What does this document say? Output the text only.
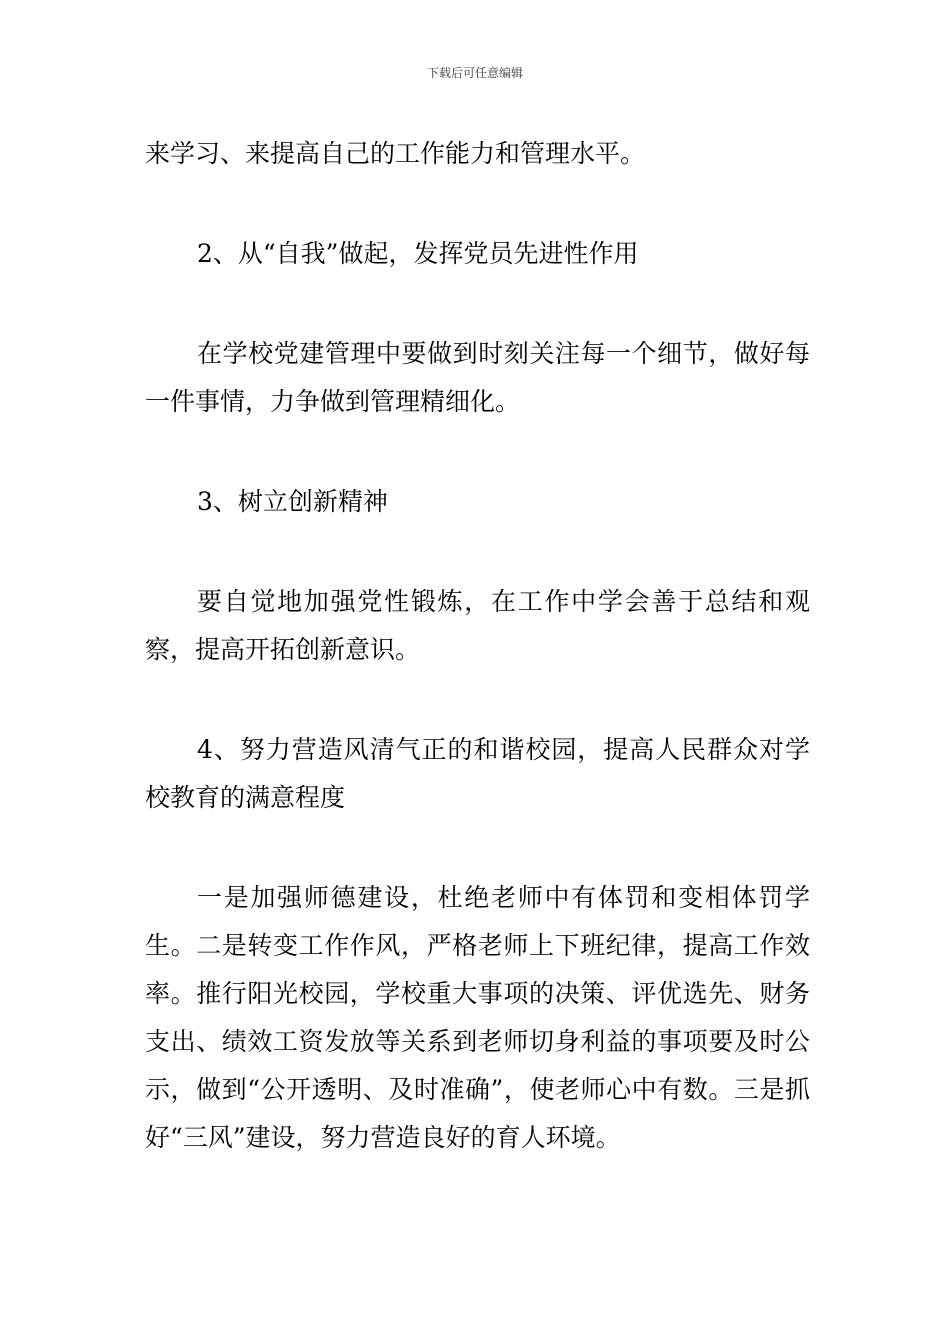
下载后可任意编辑

来学习、来提高自己的工作能力和管理水平。

2、从“自我”做起，发挥党员先进性作用

在学校党建管理中要做到时刻关注每一个细节，做好每一件事情，力争做到管理精细化。

3、树立创新精神

要自觉地加强党性锻炼，在工作中学会善于总结和观察，提高开拓创新意识。

4、努力营造风清气正的和谐校园，提高人民群众对学校教育的满意程度

一是加强师德建设，杜绝老师中有体罚和变相体罚学生。二是转变工作作风，严格老师上下班纪律，提高工作效率。推行阳光校园，学校重大事项的决策、评优选先、财务支出、绩效工资发放等关系到老师切身利益的事项要及时公示，做到“公开透明、及时准确”，使老师心中有数。三是抓好“三风”建设，努力营造良好的育人环境。
